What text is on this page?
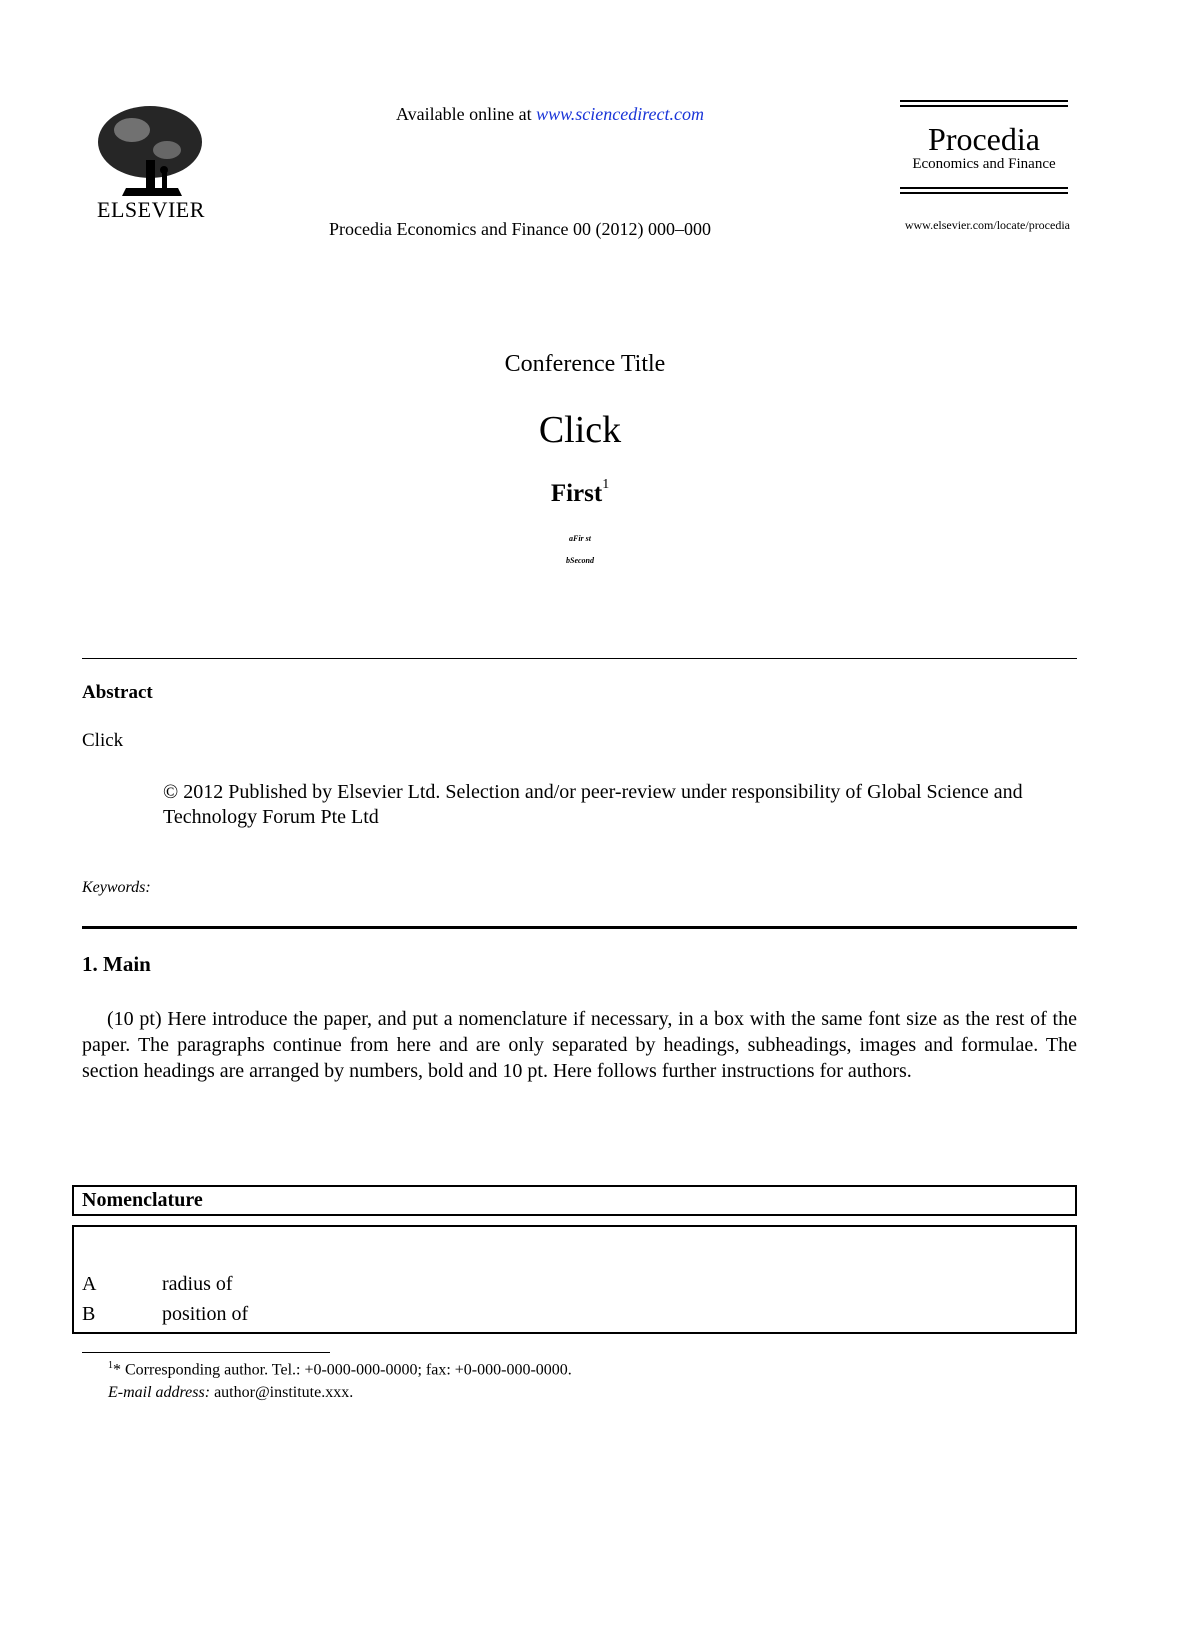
ELSEVIER
Available online at www.sciencedirect.com
Procedia Economics and Finance 00 (2012) 000–000
Procedia
Economics and Finance
www.elsevier.com/locate/procedia
Conference Title
Click
First$^1$
aFir st
bSecond
Abstract
Click
© 2012 Published by Elsevier Ltd. Selection and/or peer-review under responsibility of Global Science and Technology Forum Pte Ltd
Keywords:
1. Main
(10 pt) Here introduce the paper, and put a nomenclature if necessary, in a box with the same font size as the rest of the paper. The paragraphs continue from here and are only separated by headings, subheadings, images and formulae. The section headings are arranged by numbers, bold and 10 pt. Here follows further instructions for authors.
Nomenclature
A	radius of
B	position of
$^1$* Corresponding author. Tel.: +0-000-000-0000; fax: +0-000-000-0000.
E-mail address: author@institute.xxx.
